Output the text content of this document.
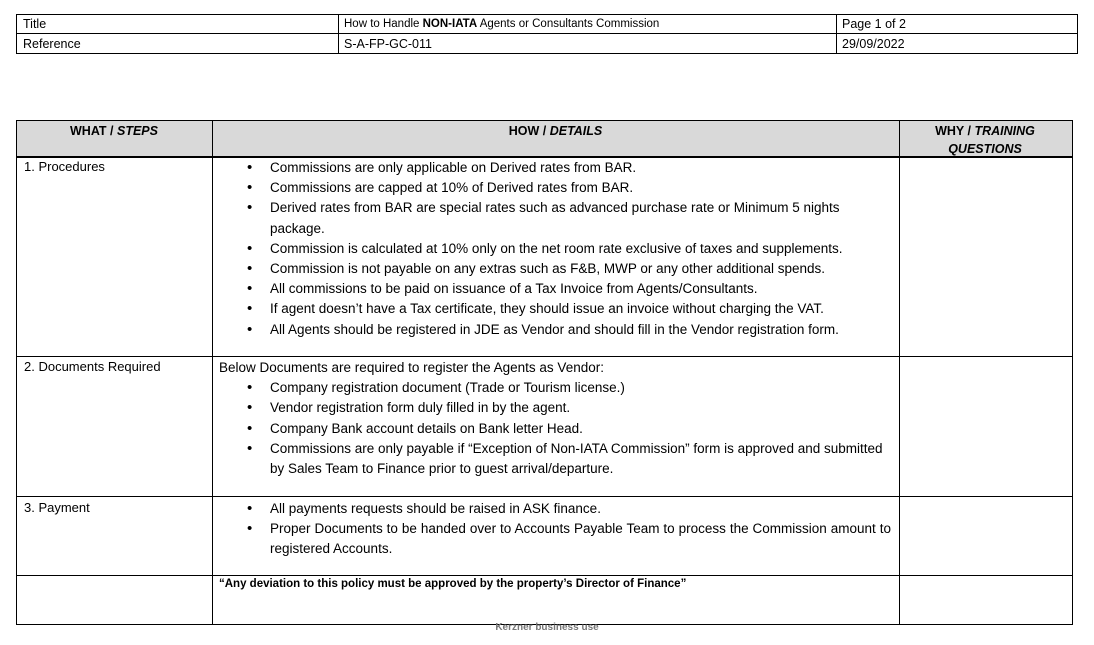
Title	How to Handle NON-IATA Agents or Consultants Commission	Page 1 of 2
Reference	S-A-FP-GC-011	29/09/2022
WHAT / STEPS	HOW / DETAILS	WHY / TRAINING QUESTIONS
1. Procedures	• Commissions are only applicable on Derived rates from BAR.
• Commissions are capped at 10% of Derived rates from BAR.
• Derived rates from BAR are special rates such as advanced purchase rate or Minimum 5 nights package.
• Commission is calculated at 10% only on the net room rate exclusive of taxes and supplements.
• Commission is not payable on any extras such as F&B, MWP or any other additional spends.
• All commissions to be paid on issuance of a Tax Invoice from Agents/Consultants.
• If agent doesn’t have a Tax certificate, they should issue an invoice without charging the VAT.
• All Agents should be registered in JDE as Vendor and should fill in the Vendor registration form.
2. Documents Required	Below Documents are required to register the Agents as Vendor:
• Company registration document (Trade or Tourism license.)
• Vendor registration form duly filled in by the agent.
• Company Bank account details on Bank letter Head.
• Commissions are only payable if “Exception of Non-IATA Commission” form is approved and submitted by Sales Team to Finance prior to guest arrival/departure.
3. Payment	• All payments requests should be raised in ASK finance.
• Proper Documents to be handed over to Accounts Payable Team to process the Commission amount to registered Accounts.
“Any deviation to this policy must be approved by the property’s Director of Finance”
Kerzner business use
